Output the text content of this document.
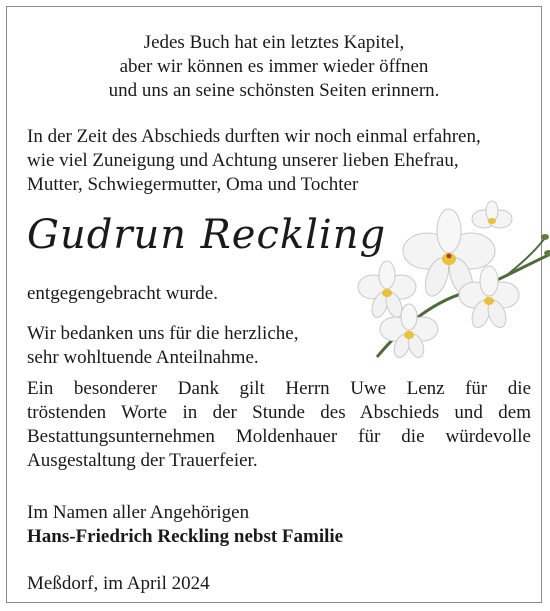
Jedes Buch hat ein letztes Kapitel,
aber wir können es immer wieder öffnen
und uns an seine schönsten Seiten erinnern.
In der Zeit des Abschieds durften wir noch einmal erfahren,
wie viel Zuneigung und Achtung unserer lieben Ehefrau,
Mutter, Schwiegermutter, Oma und Tochter
Gudrun Reckling
entgegengebracht wurde.
Wir bedanken uns für die herzliche,
sehr wohltuende Anteilnahme.
Ein besonderer Dank gilt Herrn Uwe Lenz für die
tröstenden Worte in der Stunde des Abschieds und dem
Bestattungsunternehmen Moldenhauer für die würdevolle
Ausgestaltung der Trauerfeier.
Im Namen aller Angehörigen
Hans-Friedrich Reckling nebst Familie
Meßdorf, im April 2024
